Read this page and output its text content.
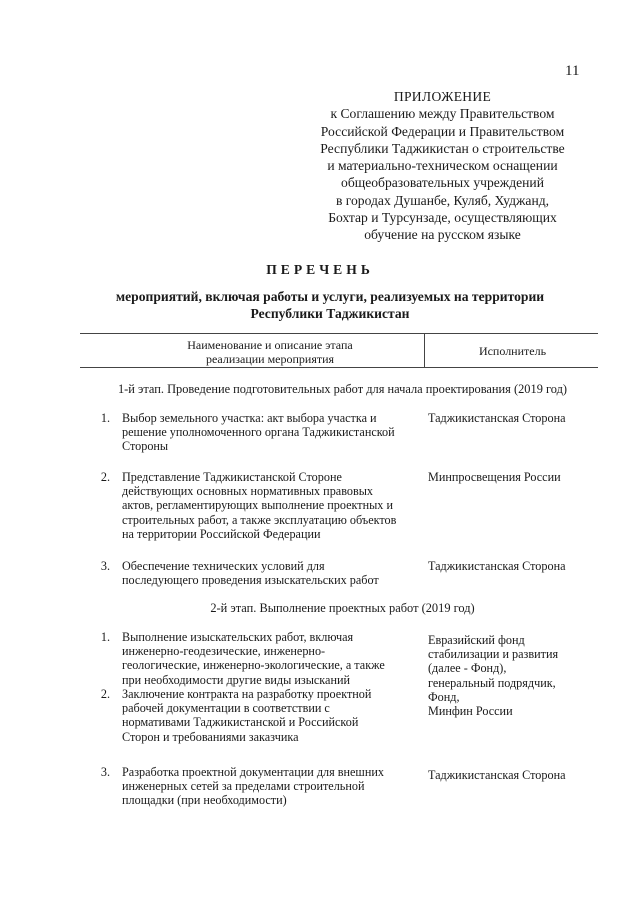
11
ПРИЛОЖЕНИЕ
к Соглашению между Правительством
Российской Федерации и Правительством
Республики Таджикистан о строительстве
и материально-техническом оснащении
общеобразовательных учреждений
в городах Душанбе, Куляб, Худжанд,
Бохтар и Турсунзаде, осуществляющих
обучение на русском языке
ПЕРЕЧЕНЬ
мероприятий, включая работы и услуги, реализуемых на территории
Республики Таджикистан
Наименование и описание этапа
реализации мероприятия
Исполнитель
1-й этап. Проведение подготовительных работ для начала проектирования (2019 год)
1. Выбор земельного участка: акт выбора участка и
решение уполномоченного органа Таджикистанской
Стороны
Таджикистанская Сторона
2. Представление Таджикистанской Стороне
действующих основных нормативных правовых
актов, регламентирующих выполнение проектных и
строительных работ, а также эксплуатацию объектов
на территории Российской Федерации
Минпросвещения России
3. Обеспечение технических условий для
последующего проведения изыскательских работ
Таджикистанская Сторона
2-й этап. Выполнение проектных работ (2019 год)
1. Выполнение изыскательских работ, включая
инженерно-геодезические, инженерно-
геологические, инженерно-экологические, а также
при необходимости другие виды изысканий
2. Заключение контракта на разработку проектной
рабочей документации в соответствии с
нормативами Таджикистанской и Российской
Сторон и требованиями заказчика
Евразийский фонд
стабилизации и развития
(далее - Фонд),
генеральный подрядчик,
Фонд,
Минфин России
3. Разработка проектной документации для внешних
инженерных сетей за пределами строительной
площадки (при необходимости)
Таджикистанская Сторона
